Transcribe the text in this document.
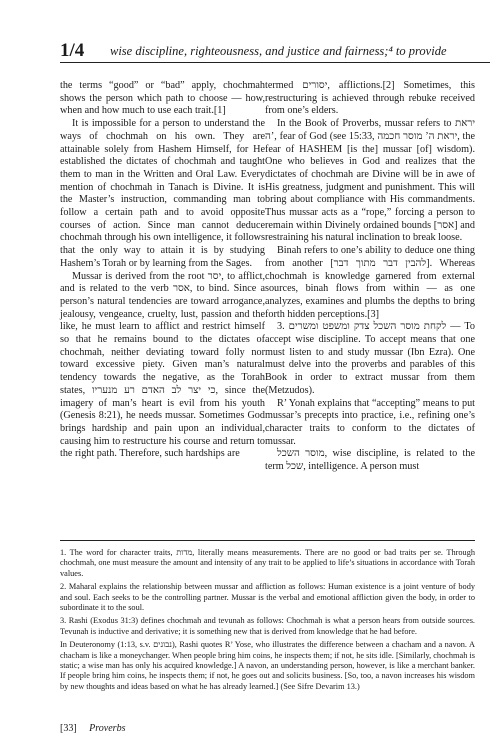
1/4 wise discipline, righteousness, and justice and fairness;⁴ to provide

the terms “good” or “bad” apply, chochmah shows the person which path to choose — how, when and how much to use each trait.[1]

It is impossible for a person to understand the ways of chochmah on his own. They are attainable solely from Hashem Himself, for He established the dictates of chochmah and taught them to man in the Written and Oral Law. Every mention of chochmah in Tanach is Divine. It is the Master’s instruction, commanding man to follow a certain path and to avoid opposite courses of action. Since man cannot deduce chochmah through his own intelligence, it follows that the only way to attain it is by studying Hashem’s Torah or by learning from the Sages.

Mussar is derived from the root יסר, to afflict, and is related to the verb אסר, to bind. Since a person’s natural tendencies are toward arrogance, jealousy, vengeance, cruelty, lust, passion and the like, he must learn to afflict and restrict himself so that he remains bound to the dictates of chochmah, neither deviating toward folly nor toward excessive piety. Given man’s natural tendency towards the negative, as the Torah states, כי יצר לב האדם רע מנעריו, since the imagery of man’s heart is evil from his youth (Genesis 8:21), he needs mussar. Sometimes God brings hardship and pain upon an individual, causing him to restructure his course and return to the right path. Therefore, such hardships are

termed יסורים, afflictions.[2] Sometimes, this restructuring is achieved through rebuke received from one’s elders.

In the Book of Proverbs, mussar refers to יראת ה’, fear of God (see 15:33, יראת ה’ מוסר חכמה, the fear of HASHEM [is the] mussar [of] wisdom). One who believes in God and realizes that the dictates of chochmah are Divine will be in awe of His greatness, judgment and punishment. This will bring about compliance with His commandments. Thus mussar acts as a “rope,” forcing a person to remain within Divinely ordained bounds [אסר] and restraining his natural inclination to break loose.

Binah refers to one’s ability to deduce one thing from another [להבין דבר מתוך דבר]. Whereas chochmah is knowledge garnered from external sources, binah flows from within — as one analyzes, examines and plumbs the depths to bring forth hidden perceptions.[3]

3. לקחת מוסר השכל צדק ומשפט ומשרים — To accept wise discipline. To accept means that one must listen to and study mussar (Ibn Ezra). One must delve into the proverbs and parables of this Book in order to extract mussar from them (Metzudos).

R’ Yonah explains that “accepting” means to put mussar’s precepts into practice, i.e., refining one’s character traits to conform to the dictates of mussar.

מוסר השכל, wise discipline, is related to the term שכל, intelligence. A person must

1. The word for character traits, מדות, literally means measurements. There are no good or bad traits per se. Through chochmah, one must measure the amount and intensity of any trait to be applied to life’s situations in accordance with Torah values.

2. Maharal explains the relationship between mussar and affliction as follows: Human existence is a joint venture of body and soul. Each seeks to be the controlling partner. Mussar is the verbal and emotional affliction given the body, in order to subordinate it to the soul.

3. Rashi (Exodus 31:3) defines chochmah and tevunah as follows: Chochmah is what a person hears from outside sources. Tevunah is inductive and derivative; it is something new that is derived from knowledge that he had before.

In Deuteronomy (1:13, s.v. נבונים), Rashi quotes R’ Yose, who illustrates the difference between a chacham and a navon. A chacham is like a moneychanger. When people bring him coins, he inspects them; if not, he sits idle. [Similarly, chochmah is static; a wise man has only his acquired knowledge.] A navon, an understanding person, however, is like a merchant banker. If people bring him coins, he inspects them; if not, he goes out and solicits business. [So, too, a navon increases his wisdom by new thoughts and ideas based on what he has already learned.] (See Sifre Devarim 13.)

[33] Proverbs
